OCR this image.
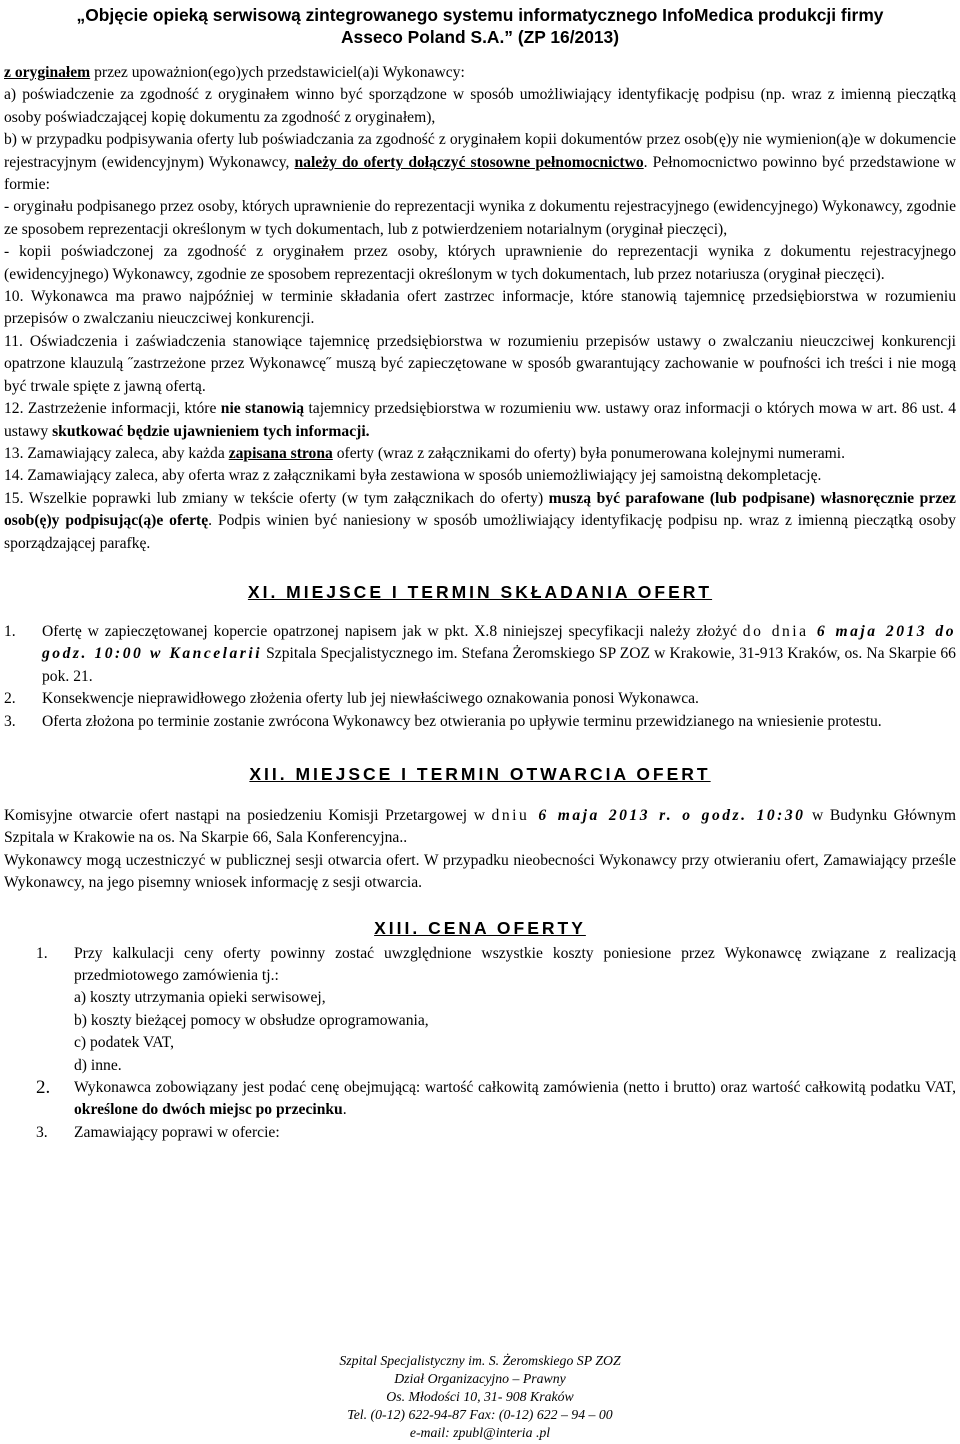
„Objęcie opieką serwisową zintegrowanego systemu informatycznego InfoMedica produkcji firmy
Asseco Poland S.A.” (ZP 16/2013)

z oryginałem przez upoważnion(ego)ych przedstawiciel(a)i Wykonawcy:

a) poświadczenie za zgodność z oryginałem winno być sporządzone w sposób umożliwiający identyfikację podpisu (np. wraz z imienną pieczątką osoby poświadczającej kopię dokumentu za zgodność z oryginałem),

b) w przypadku podpisywania oferty lub poświadczania za zgodność z oryginałem kopii dokumentów przez osob(ę)y nie wymienion(ą)e w dokumencie rejestracyjnym (ewidencyjnym) Wykonawcy, należy do oferty dołączyć stosowne pełnomocnictwo. Pełnomocnictwo powinno być przedstawione w formie:

- oryginału podpisanego przez osoby, których uprawnienie do reprezentacji wynika z dokumentu rejestracyjnego (ewidencyjnego) Wykonawcy, zgodnie ze sposobem reprezentacji określonym w tych dokumentach, lub z potwierdzeniem notarialnym (oryginał pieczęci),

- kopii poświadczonej za zgodność z oryginałem przez osoby, których uprawnienie do reprezentacji wynika z dokumentu rejestracyjnego (ewidencyjnego) Wykonawcy, zgodnie ze sposobem reprezentacji określonym w tych dokumentach, lub przez notariusza (oryginał pieczęci).

10. Wykonawca ma prawo najpóźniej w terminie składania ofert zastrzec informacje, które stanowią tajemnicę przedsiębiorstwa w rozumieniu przepisów o zwalczaniu nieuczciwej konkurencji.

11. Oświadczenia i zaświadczenia stanowiące tajemnicę przedsiębiorstwa w rozumieniu przepisów ustawy o zwalczaniu nieuczciwej konkurencji opatrzone klauzulą ˝zastrzeżone przez Wykonawcę˝ muszą być zapieczętowane w sposób gwarantujący zachowanie w poufności ich treści i nie mogą być trwale spięte z jawną ofertą.

12. Zastrzeżenie informacji, które nie stanowią tajemnicy przedsiębiorstwa w rozumieniu ww. ustawy oraz informacji o których mowa w art. 86 ust. 4 ustawy skutkować będzie ujawnieniem tych informacji.

13. Zamawiający zaleca, aby każda zapisana strona oferty (wraz z załącznikami do oferty) była ponumerowana kolejnymi numerami.

14. Zamawiający zaleca, aby oferta wraz z załącznikami była zestawiona w sposób uniemożliwiający jej samoistną dekompletację.

15. Wszelkie poprawki lub zmiany w tekście oferty (w tym załącznikach do oferty) muszą być parafowane (lub podpisane) własnoręcznie przez osob(ę)y podpisując(ą)e ofertę. Podpis winien być naniesiony w sposób umożliwiający identyfikację podpisu np. wraz z imienną pieczątką osoby sporządzającej parafkę.

XI. MIEJSCE I TERMIN SKŁADANIA OFERT
1. Ofertę w zapieczętowanej kopercie opatrzonej napisem jak w pkt. X.8 niniejszej specyfikacji należy złożyć do dnia 6 maja 2013 do godz. 10:00 w Kancelarii Szpitala Specjalistycznego im. Stefana Żeromskiego SP ZOZ w Krakowie, 31-913 Kraków, os. Na Skarpie 66 pok. 21.
2. Konsekwencje nieprawidłowego złożenia oferty lub jej niewłaściwego oznakowania ponosi Wykonawca.
3. Oferta złożona po terminie zostanie zwrócona Wykonawcy bez otwierania po upływie terminu przewidzianego na wniesienie protestu.
XII. MIEJSCE I TERMIN OTWARCIA OFERT

Komisyjne otwarcie ofert nastąpi na posiedzeniu Komisji Przetargowej w dniu 6 maja 2013 r. o godz. 10:30 w Budynku Głównym Szpitala w Krakowie na os. Na Skarpie 66, Sala Konferencyjna..

Wykonawcy mogą uczestniczyć w publicznej sesji otwarcia ofert. W przypadku nieobecności Wykonawcy przy otwieraniu ofert, Zamawiający prześle Wykonawcy, na jego pisemny wniosek informację z sesji otwarcia.

XIII. CENA OFERTY
1. Przy kalkulacji ceny oferty powinny zostać uwzględnione wszystkie koszty poniesione przez Wykonawcę związane z realizacją przedmiotowego zamówienia tj.:
a) koszty utrzymania opieki serwisowej,
b) koszty bieżącej pomocy w obsłudze oprogramowania,
c) podatek VAT,
d) inne.
2. Wykonawca zobowiązany jest podać cenę obejmującą: wartość całkowitą zamówienia (netto i brutto) oraz wartość całkowitą podatku VAT, określone do dwóch miejsc po przecinku.
3. Zamawiający poprawi w ofercie:
Szpital Specjalistyczny im. S. Żeromskiego SP ZOZ
Dział Organizacyjno – Prawny
Os. Młodości 10, 31- 908 Kraków
Tel. (0-12) 622-94-87 Fax: (0-12) 622 – 94 – 00
e-mail: zpubl@interia .pl
